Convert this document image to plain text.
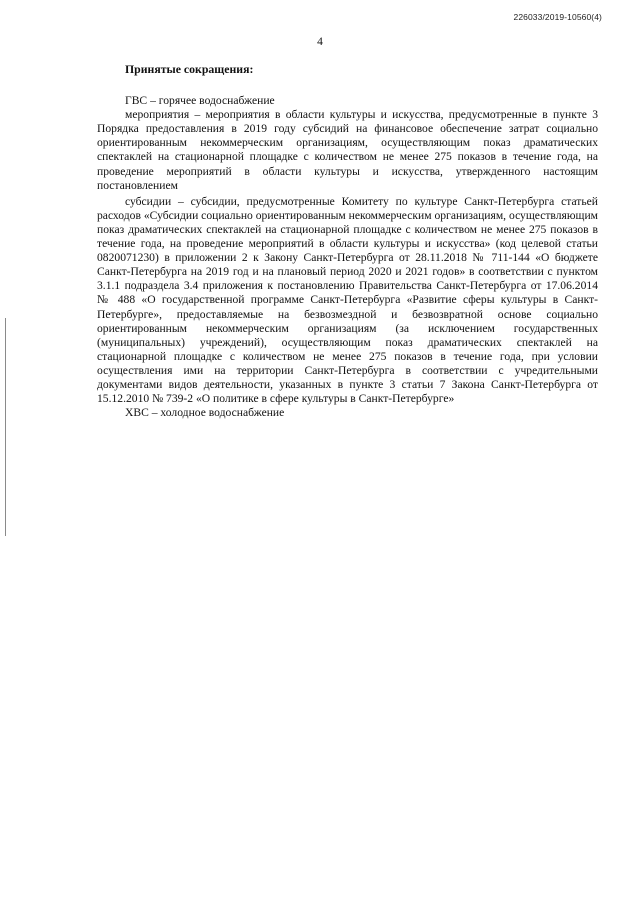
226033/2019-10560(4)
4

Принятые сокращения:

ГВС – горячее водоснабжение

мероприятия – мероприятия в области культуры и искусства, предусмотренные в пункте 3 Порядка предоставления в 2019 году субсидий на финансовое обеспечение затрат социально ориентированным некоммерческим организациям, осуществляющим показ драматических спектаклей на стационарной площадке с количеством не менее 275 показов в течение года, на проведение мероприятий в области культуры и искусства, утвержденного настоящим постановлением

субсидии – субсидии, предусмотренные Комитету по культуре Санкт-Петербурга статьей расходов «Субсидии социально ориентированным некоммерческим организациям, осуществляющим показ драматических спектаклей на стационарной площадке с количеством не менее 275 показов в течение года, на проведение мероприятий в области культуры и искусства» (код целевой статьи 0820071230) в приложении 2 к Закону Санкт-Петербурга от 28.11.2018 № 711-144 «О бюджете Санкт-Петербурга на 2019 год и на плановый период 2020 и 2021 годов» в соответствии с пунктом 3.1.1 подраздела 3.4 приложения к постановлению Правительства Санкт-Петербурга от 17.06.2014 № 488 «О государственной программе Санкт-Петербурга «Развитие сферы культуры в Санкт-Петербурге», предоставляемые на безвозмездной и безвозвратной основе социально ориентированным некоммерческим организациям (за исключением государственных (муниципальных) учреждений), осуществляющим показ драматических спектаклей на стационарной площадке с количеством не менее 275 показов в течение года, при условии осуществления ими на территории Санкт-Петербурга в соответствии с учредительными документами видов деятельности, указанных в пункте 3 статьи 7 Закона Санкт-Петербурга от 15.12.2010 № 739-2 «О политике в сфере культуры в Санкт-Петербурге»

ХВС – холодное водоснабжение
